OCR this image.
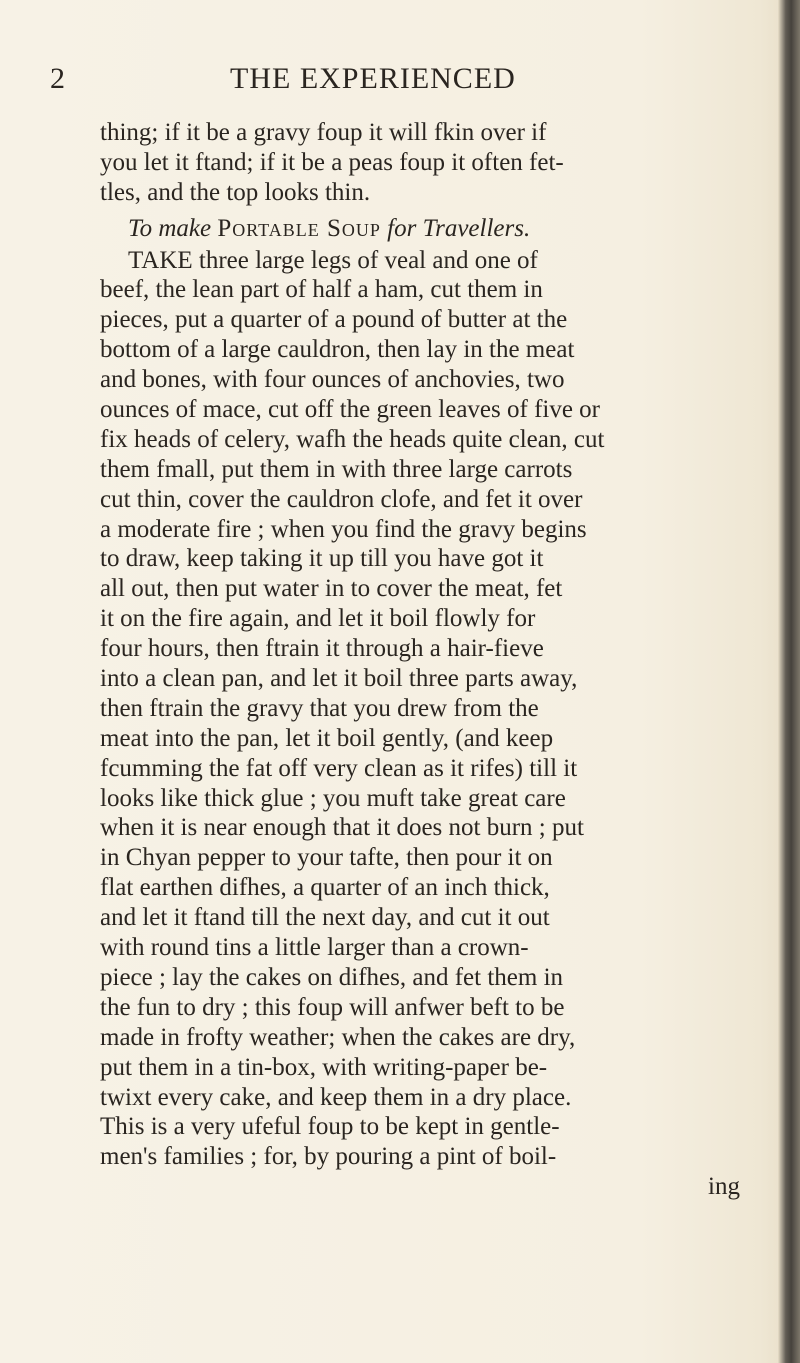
2	THE EXPERIENCED
thing; if it be a gravy foup it will fkin over if
you let it ftand; if it be a peas foup it often fet-
tles, and the top looks thin.
To make Portable Soup for Travellers.
TAKE three large legs of veal and one of
beef, the lean part of half a ham, cut them in
pieces, put a quarter of a pound of butter at the
bottom of a large cauldron, then lay in the meat
and bones, with four ounces of anchovies, two
ounces of mace, cut off the green leaves of five or
fix heads of celery, wafh the heads quite clean, cut
them fmall, put them in with three large carrots
cut thin, cover the cauldron clofe, and fet it over
a moderate fire ; when you find the gravy begins
to draw, keep taking it up till you have got it
all out, then put water in to cover the meat, fet
it on the fire again, and let it boil flowly for
four hours, then ftrain it through a hair-fieve
into a clean pan, and let it boil three parts away,
then ftrain the gravy that you drew from the
meat into the pan, let it boil gently, (and keep
fcumming the fat off very clean as it rifes) till it
looks like thick glue ; you muft take great care
when it is near enough that it does not burn ; put
in Chyan pepper to your tafte, then pour it on
flat earthen difhes, a quarter of an inch thick,
and let it ftand till the next day, and cut it out
with round tins a little larger than a crown-
piece ; lay the cakes on difhes, and fet them in
the fun to dry ; this foup will anfwer beft to be
made in frofty weather; when the cakes are dry,
put them in a tin-box, with writing-paper be-
twixt every cake, and keep them in a dry place.
This is a very ufeful foup to be kept in gentle-
men's families ; for, by pouring a pint of boil-
ing
